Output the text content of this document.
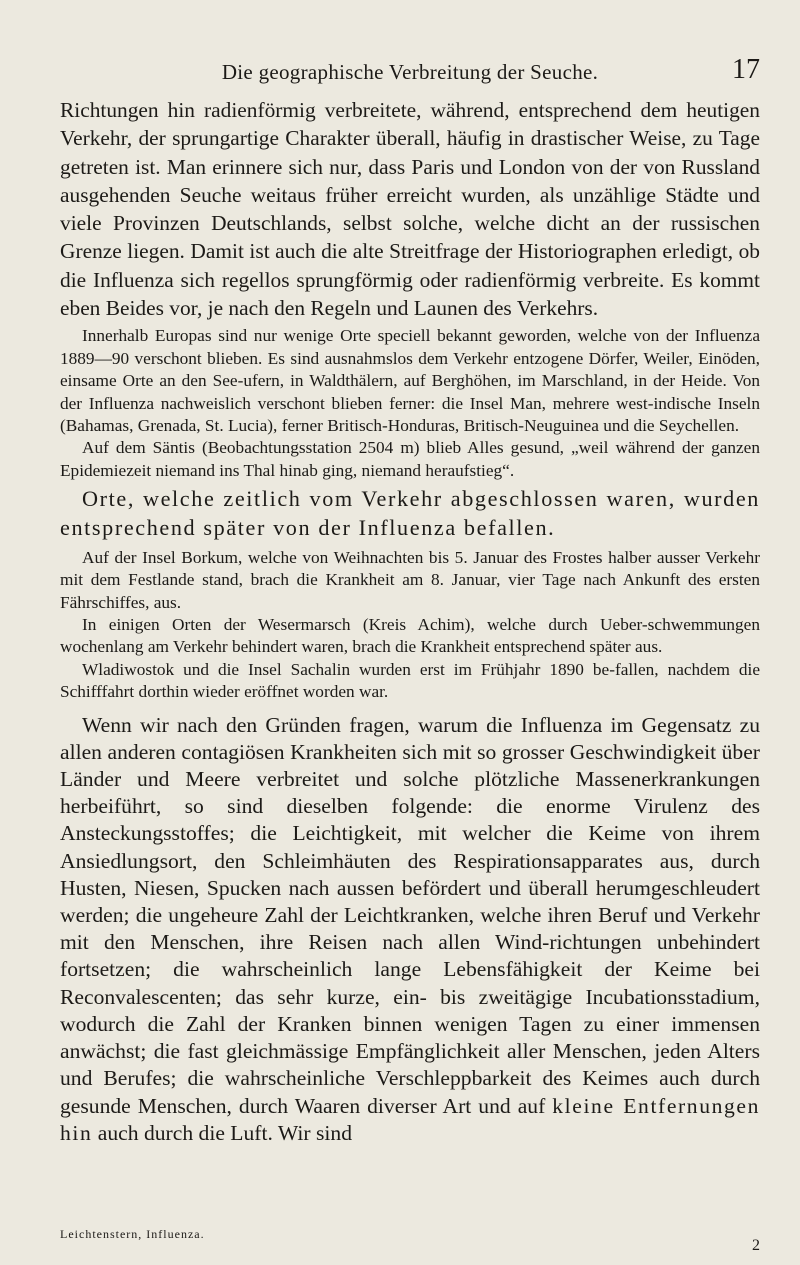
Die geographische Verbreitung der Seuche.	17

Richtungen hin radienförmig verbreitete, während, entsprechend dem heutigen Verkehr, der sprungartige Charakter überall, häufig in drastischer Weise, zu Tage getreten ist. Man erinnere sich nur, dass Paris und London von der von Russland ausgehenden Seuche weitaus früher erreicht wurden, als unzählige Städte und viele Provinzen Deutschlands, selbst solche, welche dicht an der russischen Grenze liegen. Damit ist auch die alte Streitfrage der Historiographen erledigt, ob die Influenza sich regellos sprungförmig oder radienförmig verbreite. Es kommt eben Beides vor, je nach den Regeln und Launen des Verkehrs.

Innerhalb Europas sind nur wenige Orte speciell bekannt geworden, welche von der Influenza 1889—90 verschont blieben. Es sind ausnahmslos dem Verkehr entzogene Dörfer, Weiler, Einöden, einsame Orte an den See-ufern, in Waldthälern, auf Berghöhen, im Marschland, in der Heide. Von der Influenza nachweislich verschont blieben ferner: die Insel Man, mehrere west-indische Inseln (Bahamas, Grenada, St. Lucia), ferner Britisch-Honduras, Britisch-Neuguinea und die Seychellen.

Auf dem Säntis (Beobachtungsstation 2504 m) blieb Alles gesund, „weil während der ganzen Epidemiezeit niemand ins Thal hinab ging, niemand heraufstieg“.

Orte, welche zeitlich vom Verkehr abgeschlossen waren, wurden entsprechend später von der Influenza befallen.

Auf der Insel Borkum, welche von Weihnachten bis 5. Januar des Frostes halber ausser Verkehr mit dem Festlande stand, brach die Krankheit am 8. Januar, vier Tage nach Ankunft des ersten Fährschiffes, aus.

In einigen Orten der Wesermarsch (Kreis Achim), welche durch Ueber-schwemmungen wochenlang am Verkehr behindert waren, brach die Krankheit entsprechend später aus.

Wladiwostok und die Insel Sachalin wurden erst im Frühjahr 1890 be-fallen, nachdem die Schifffahrt dorthin wieder eröffnet worden war.

Wenn wir nach den Gründen fragen, warum die Influenza im Gegensatz zu allen anderen contagiösen Krankheiten sich mit so grosser Geschwindigkeit über Länder und Meere verbreitet und solche plötzliche Massenerkrankungen herbeiführt, so sind dieselben folgende: die enorme Virulenz des Ansteckungsstoffes; die Leichtigkeit, mit welcher die Keime von ihrem Ansiedlungsort, den Schleimhäuten des Respirationsapparates aus, durch Husten, Niesen, Spucken nach aussen befördert und überall herumgeschleudert werden; die ungeheure Zahl der Leichtkranken, welche ihren Beruf und Verkehr mit den Menschen, ihre Reisen nach allen Wind-richtungen unbehindert fortsetzen; die wahrscheinlich lange Lebensfähigkeit der Keime bei Reconvalescenten; das sehr kurze, ein- bis zweitägige Incubationsstadium, wodurch die Zahl der Kranken binnen wenigen Tagen zu einer immensen anwächst; die fast gleichmässige Empfänglichkeit aller Menschen, jeden Alters und Berufes; die wahrscheinliche Verschleppbarkeit des Keimes auch durch gesunde Menschen, durch Waaren diverser Art und auf kleine Entfernungen hin auch durch die Luft. Wir sind

Leichtenstern, Influenza.
2
